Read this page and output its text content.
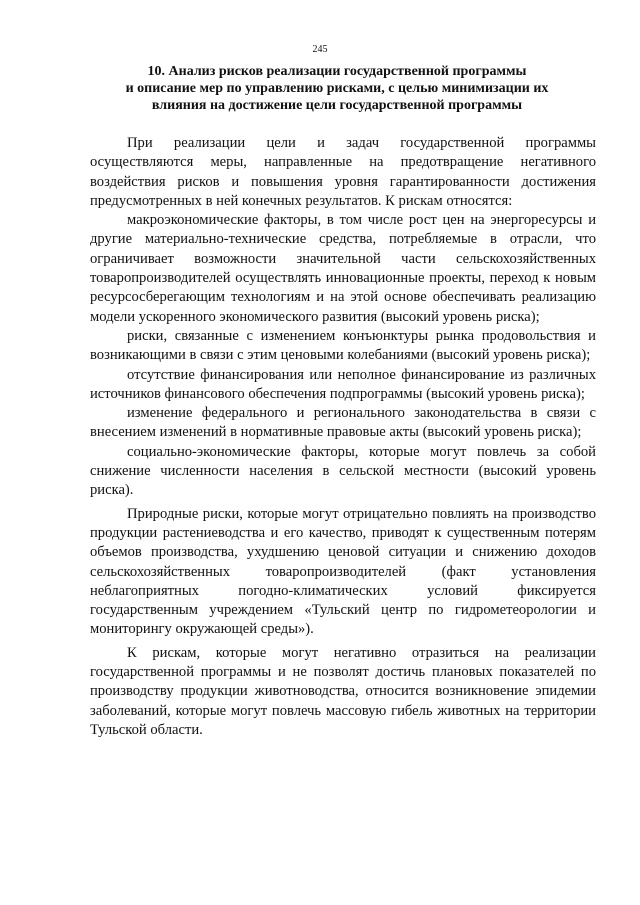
245
10. Анализ рисков реализации государственной программы
и описание мер по управлению рисками, с целью минимизации их
влияния на достижение цели государственной программы

При реализации цели и задач государственной программы осуществляются меры, направленные на предотвращение негативного воздействия рисков и повышения уровня гарантированности достижения предусмотренных в ней конечных результатов. К рискам относятся:

макроэкономические факторы, в том числе рост цен на энергоресурсы и другие материально-технические средства, потребляемые в отрасли, что ограничивает возможности значительной части сельскохозяйственных товаропроизводителей осуществлять инновационные проекты, переход к новым ресурсосберегающим технологиям и на этой основе обеспечивать реализацию модели ускоренного экономического развития (высокий уровень риска);

риски, связанные с изменением конъюнктуры рынка продовольствия и возникающими в связи с этим ценовыми колебаниями (высокий уровень риска);

отсутствие финансирования или неполное финансирование из различных источников финансового обеспечения подпрограммы (высокий уровень риска);

изменение федерального и регионального законодательства в связи с внесением изменений в нормативные правовые акты (высокий уровень риска);

социально-экономические факторы, которые могут повлечь за собой снижение численности населения в сельской местности (высокий уровень риска).

Природные риски, которые могут отрицательно повлиять на производство продукции растениеводства и его качество, приводят к существенным потерям объемов производства, ухудшению ценовой ситуации и снижению доходов сельскохозяйственных товаропроизводителей (факт установления неблагоприятных погодно-климатических условий фиксируется государственным учреждением «Тульский центр по гидрометеорологии и мониторингу окружающей среды»).

К рискам, которые могут негативно отразиться на реализации государственной программы и не позволят достичь плановых показателей по производству продукции животноводства, относится возникновение эпидемии заболеваний, которые могут повлечь массовую гибель животных на территории Тульской области.
